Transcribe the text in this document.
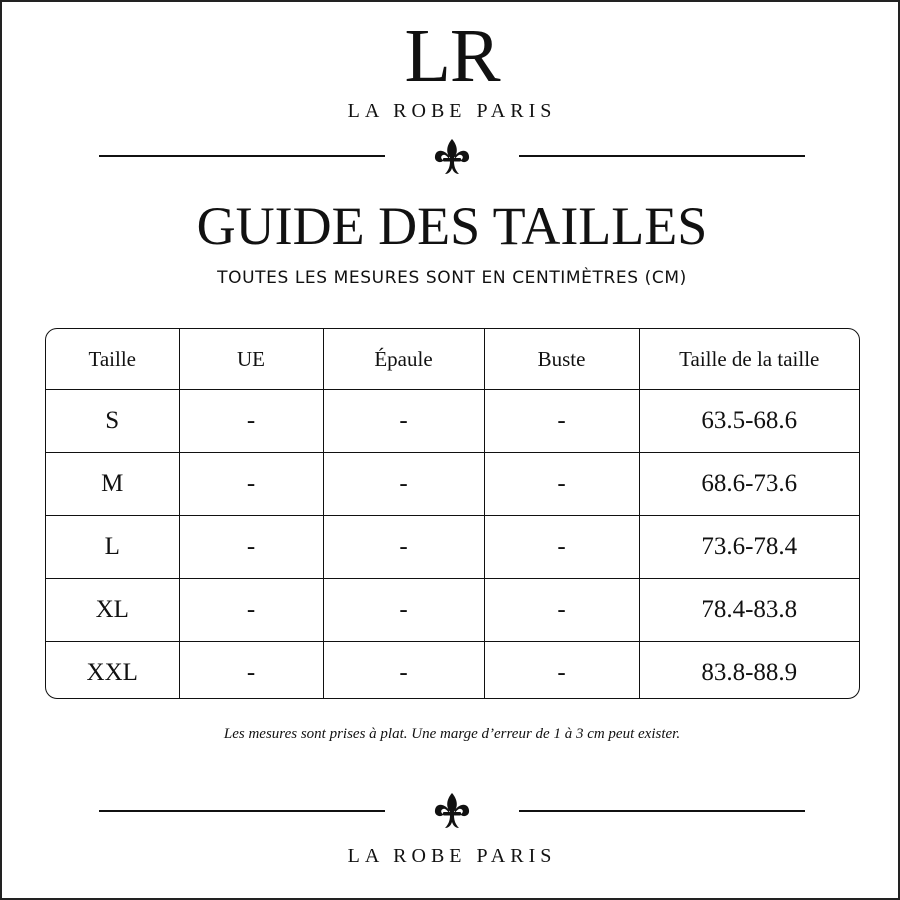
LR
LA ROBE PARIS
GUIDE DES TAILLES
TOUTES LES MESURES SONT EN CENTIMÈTRES (CM)
Taille	UE	Épaule	Buste	Taille de la taille
S	-	-	-	63.5-68.6
M	-	-	-	68.6-73.6
L	-	-	-	73.6-78.4
XL	-	-	-	78.4-83.8
XXL	-	-	-	83.8-88.9
Les mesures sont prises à plat. Une marge d’erreur de 1 à 3 cm peut exister.
LA ROBE PARIS
